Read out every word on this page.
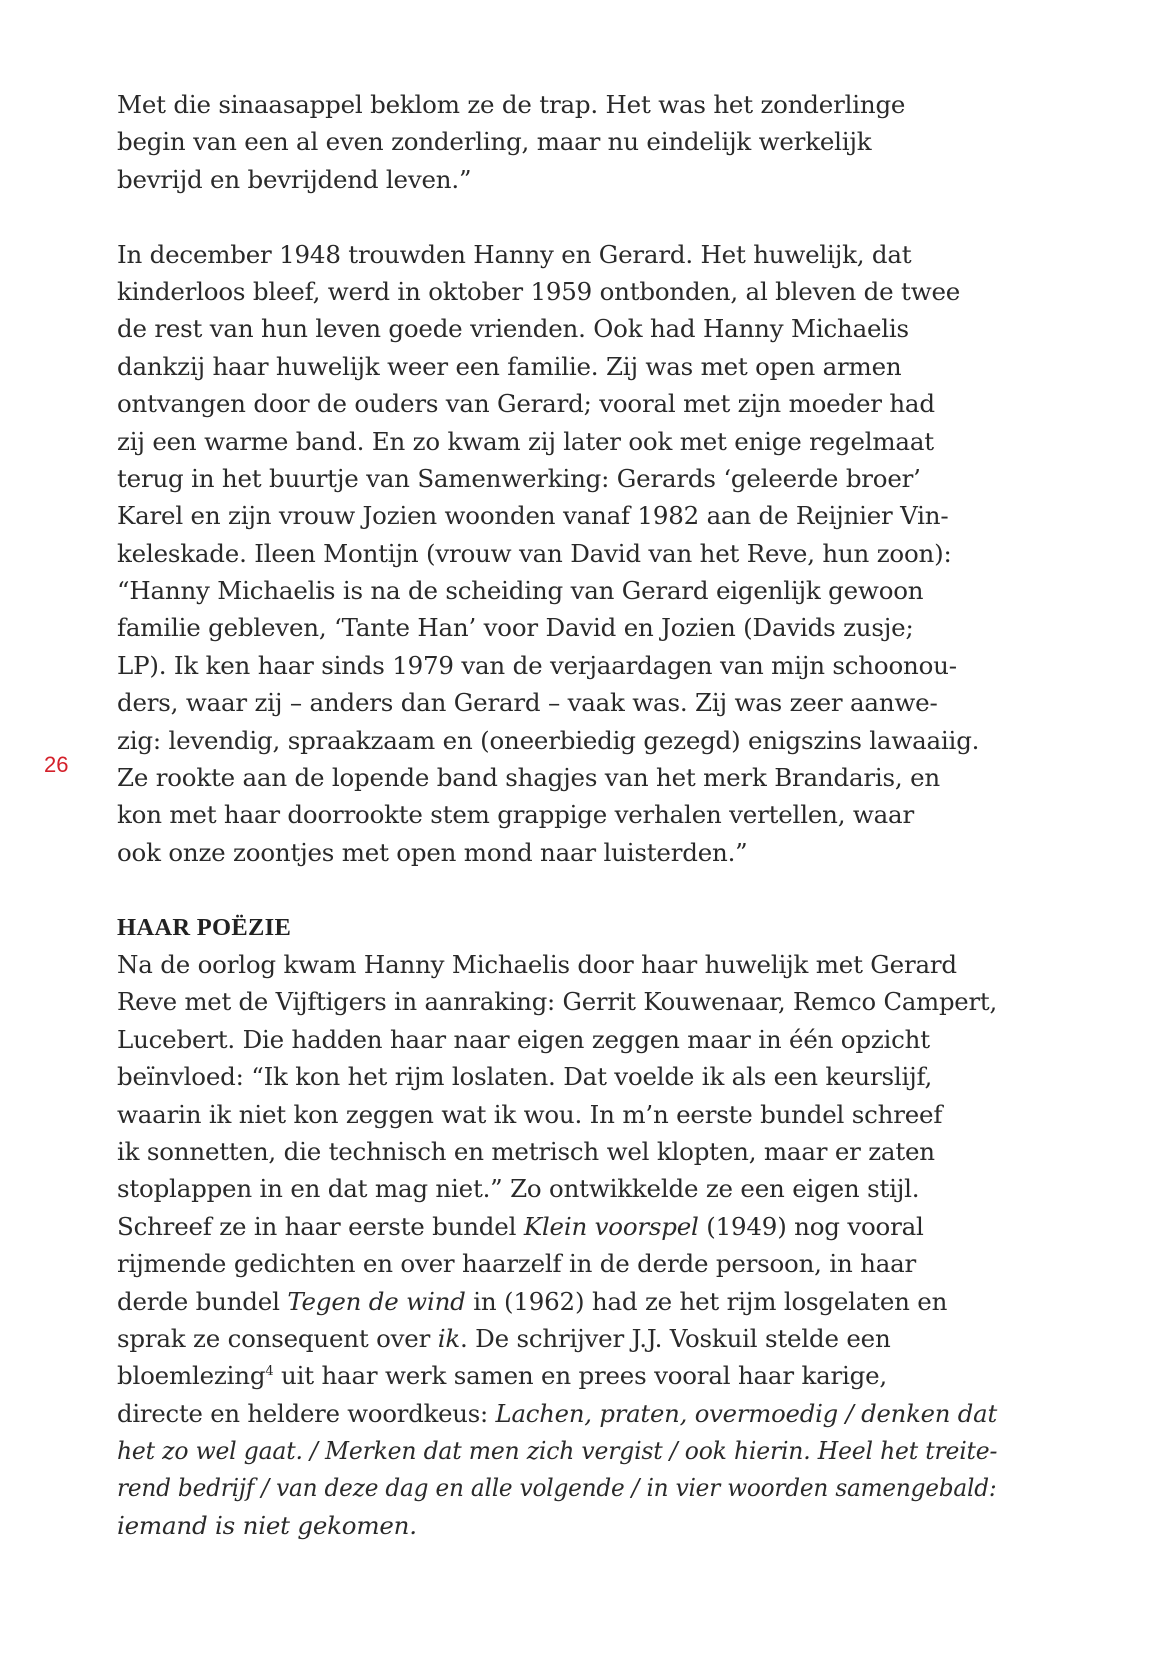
26
Met die sinaasappel beklom ze de trap. Het was het zonderlinge
begin van een al even zonderling, maar nu eindelijk werkelijk
bevrijd en bevrijdend leven.”
In december 1948 trouwden Hanny en Gerard. Het huwelijk, dat
kinderloos bleef, werd in oktober 1959 ontbonden, al bleven de twee
de rest van hun leven goede vrienden. Ook had Hanny Michaelis
dankzij haar huwelijk weer een familie. Zij was met open armen
ontvangen door de ouders van Gerard; vooral met zijn moeder had
zij een warme band. En zo kwam zij later ook met enige regelmaat
terug in het buurtje van Samenwerking: Gerards ‘geleerde broer’
Karel en zijn vrouw Jozien woonden vanaf 1982 aan de Reijnier Vin-
keleskade. Ileen Montijn (vrouw van David van het Reve, hun zoon):
“Hanny Michaelis is na de scheiding van Gerard eigenlijk gewoon
familie gebleven, ‘Tante Han’ voor David en Jozien (Davids zusje;
LP). Ik ken haar sinds 1979 van de verjaardagen van mijn schoonou-
ders, waar zij – anders dan Gerard – vaak was. Zij was zeer aanwe-
zig: levendig, spraakzaam en (oneerbiedig gezegd) enigszins lawaaiig.
Ze rookte aan de lopende band shagjes van het merk Brandaris, en
kon met haar doorrookte stem grappige verhalen vertellen, waar
ook onze zoontjes met open mond naar luisterden.”
HAAR POËZIE
Na de oorlog kwam Hanny Michaelis door haar huwelijk met Gerard
Reve met de Vijftigers in aanraking: Gerrit Kouwenaar, Remco Campert,
Lucebert. Die hadden haar naar eigen zeggen maar in één opzicht
beïnvloed: “Ik kon het rijm loslaten. Dat voelde ik als een keurslijf,
waarin ik niet kon zeggen wat ik wou. In m’n eerste bundel schreef
ik sonnetten, die technisch en metrisch wel klopten, maar er zaten
stoplappen in en dat mag niet.” Zo ontwikkelde ze een eigen stijl.
Schreef ze in haar eerste bundel Klein voorspel (1949) nog vooral
rijmende gedichten en over haarzelf in de derde persoon, in haar
derde bundel Tegen de wind in (1962) had ze het rijm losgelaten en
sprak ze consequent over ik. De schrijver J.J. Voskuil stelde een
bloemlezing$^4$ uit haar werk samen en prees vooral haar karige,
directe en heldere woordkeus: Lachen, praten, overmoedig / denken dat
het zo wel gaat. / Merken dat men zich vergist / ook hierin. Heel het treite-
rend bedrijf / van deze dag en alle volgende / in vier woorden samengebald:
iemand is niet gekomen.
